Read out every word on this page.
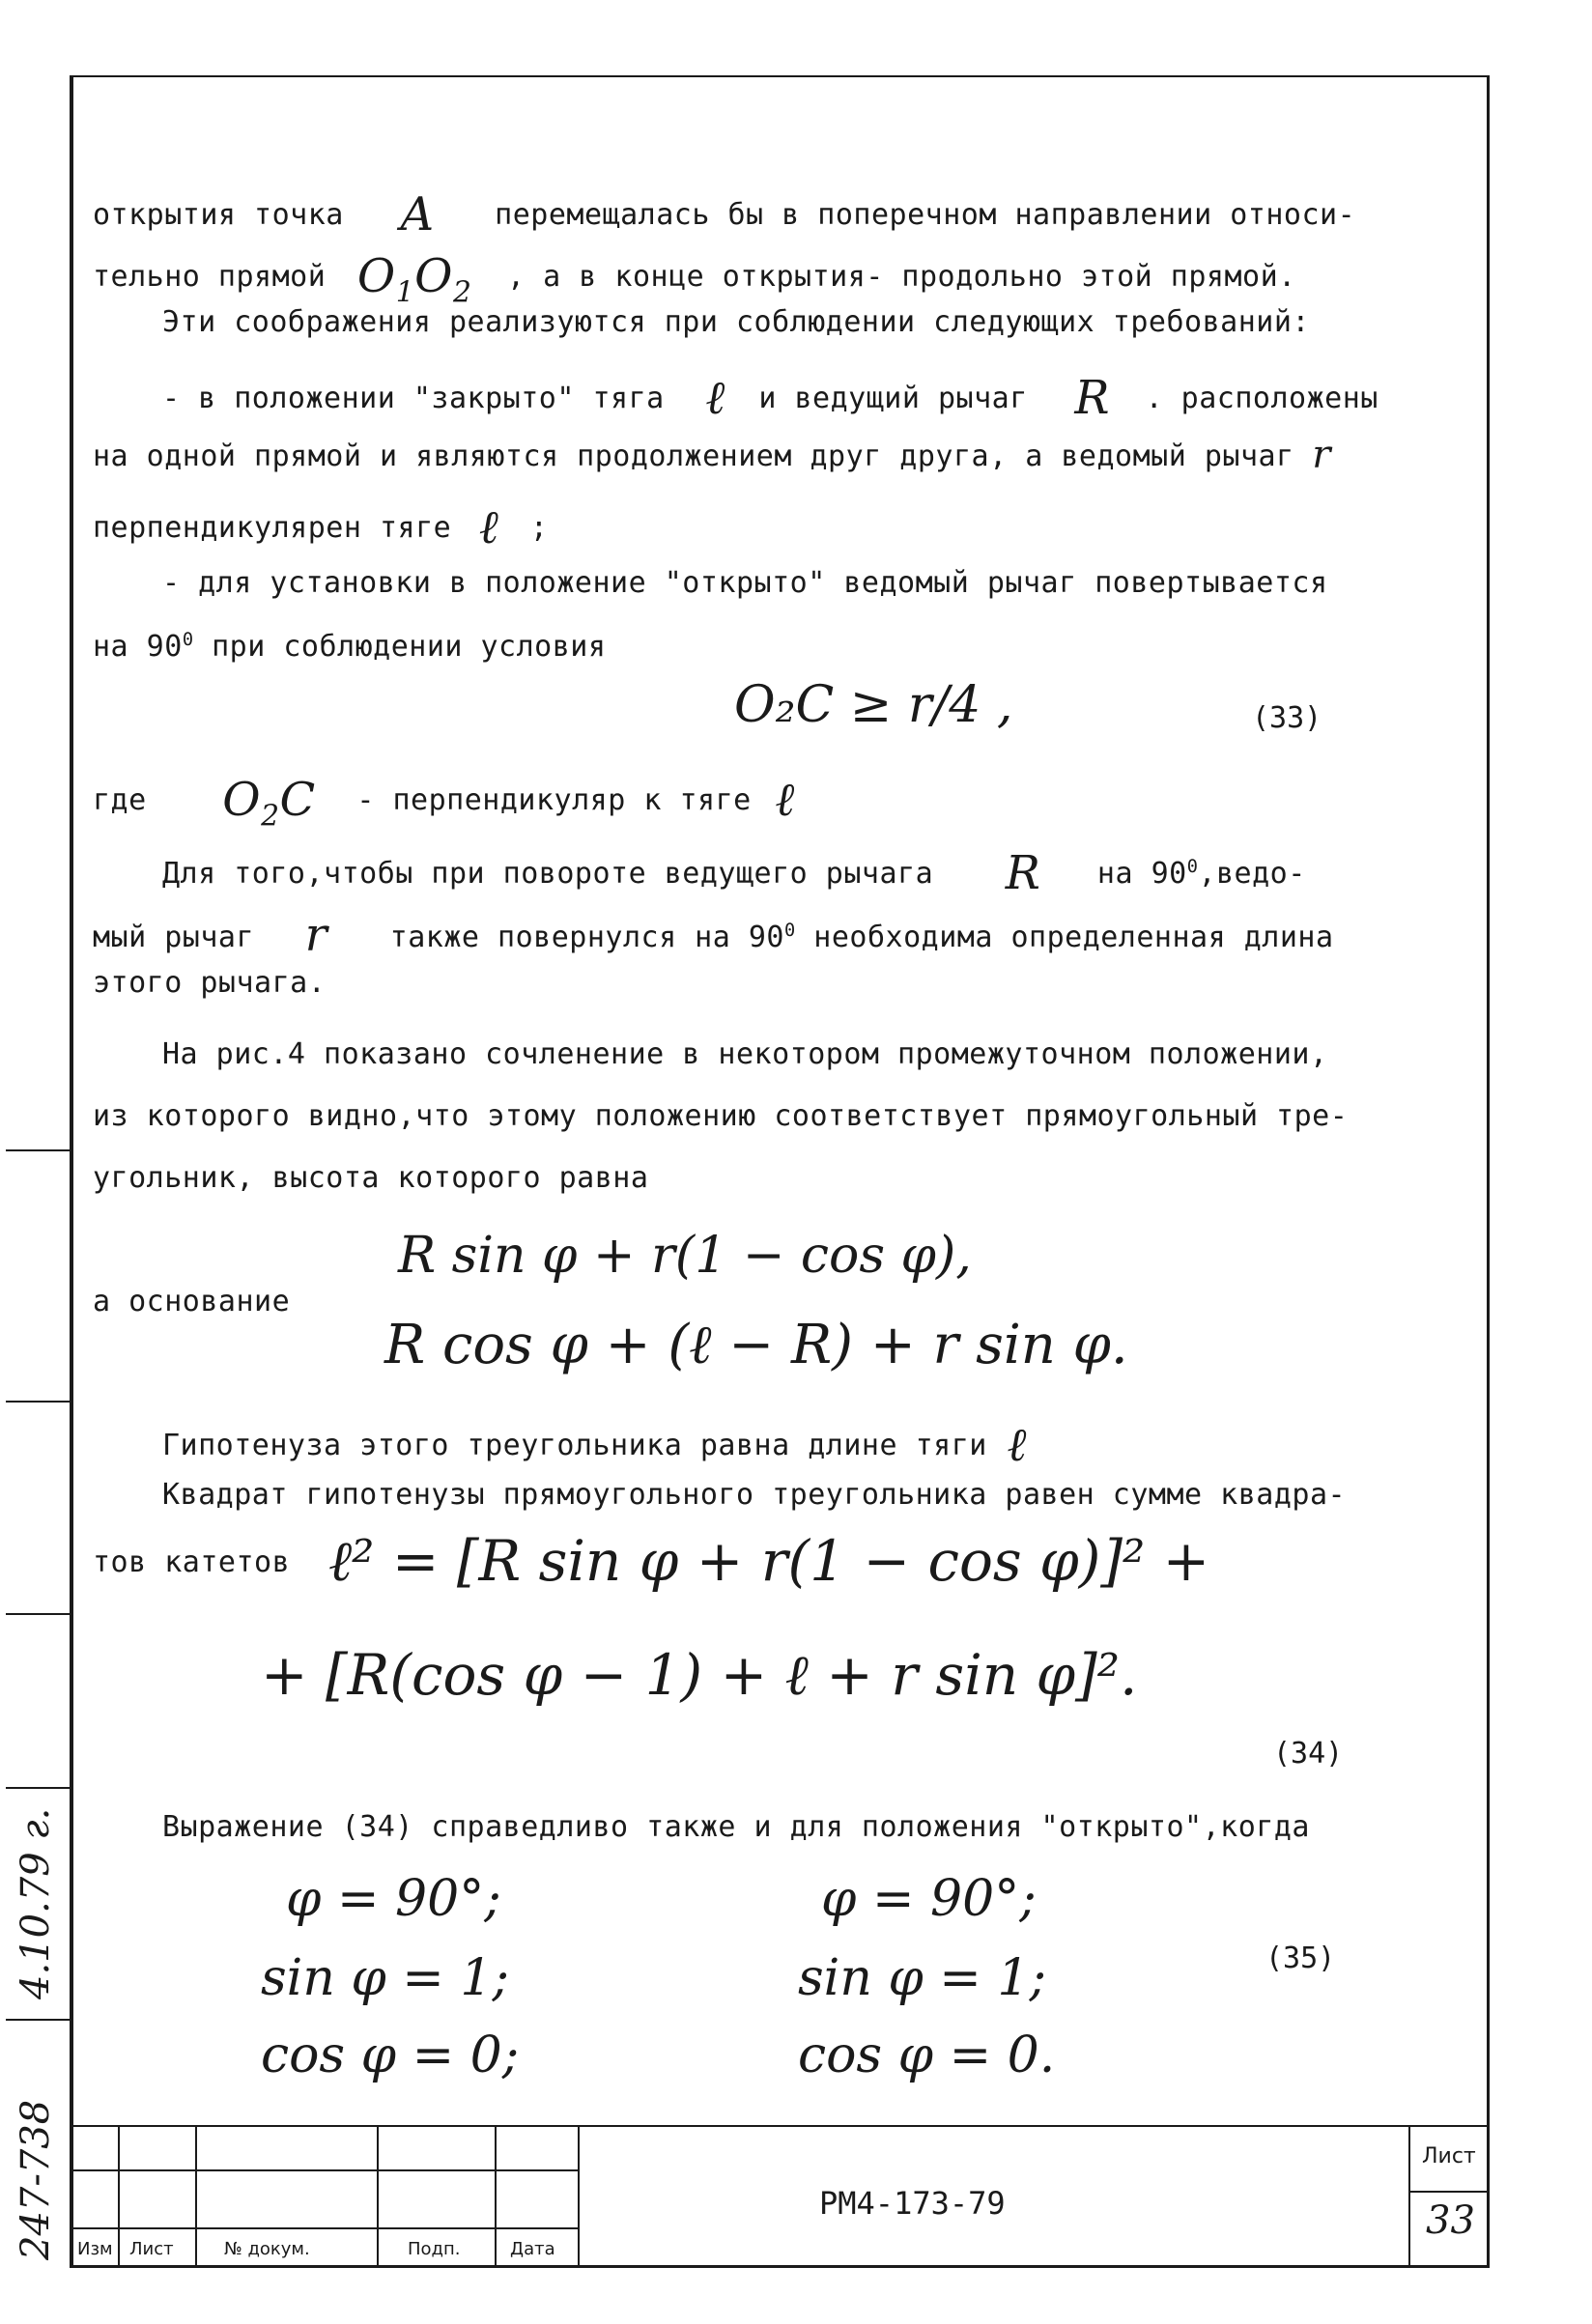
открытия точка A перемещалась бы в поперечном направлении относи-
тельно прямой $O_1O_2$ , а в конце открытия- продольно этой прямой.
Эти соображения реализуются при соблюдении следующих требований:
- в положении "закрыто" тяга ℓ и ведущий рычаг R . расположены
на одной прямой и являются продолжением друг друга, а ведомый рычаг r
перпендикулярен тяге ℓ ;
- для установки в положение "открыто" ведомый рычаг повертывается
на $90^0$ при соблюдении условия
O₂C ≥ r/4 ,	(33)
где $O_2C$ - перпендикуляр к тяге ℓ
Для того,чтобы при повороте ведущего рычага R на $90^0,ведо-$
мый рычаг r также повернулся на $90^0$ необходима определенная длина
этого рычага.
На рис.4 показано сочленение в некотором промежуточном положении,
из которого видно,что этому положению соответствует прямоугольный тре-
угольник, высота которого равна
R sin φ + r(1 − cos φ),
а основание
R cos φ + (ℓ − R) + r sin φ.
Гипотенуза этого треугольника равна длине тяги ℓ
Квадрат гипотенузы прямоугольного треугольника равен сумме квадра-
тов катетов ℓ² = [R sin φ + r(1 − cos φ)]² +
+ [R(cos φ − 1) + ℓ + r sin φ]².
(34)
Выражение (34) справедливо также и для положения "открыто",когда
φ = 90°;
sin φ = 1;
cos φ = 0;
φ = 90°;
sin φ = 1;
cos φ = 0.
(35)
4.10.79 г.
247-738 Изм Лист	№ докум.	Подп.	Дата
РМ4-173-79
Лист
33
